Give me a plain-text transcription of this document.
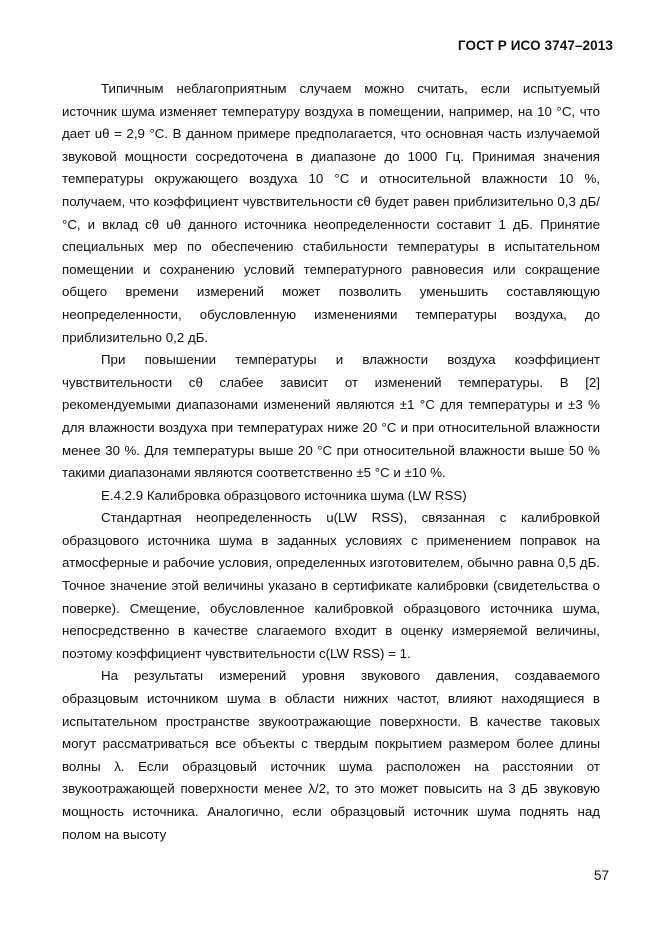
ГОСТ Р ИСО 3747–2013

Типичным неблагоприятным случаем можно считать, если испытуемый источник шума изменяет температуру воздуха в помещении, например, на 10 °С, что дает uθ = 2,9 °С. В данном примере предполагается, что основная часть излучаемой звуковой мощности сосредоточена в диапазоне до 1000 Гц. Принимая значения температуры окружающего воздуха 10 °С и относительной влажности 10 %, получаем, что коэффициент чувствительности cθ будет равен приблизительно 0,3 дБ/°С, и вклад cθ uθ данного источника неопределенности составит 1 дБ. Принятие специальных мер по обеспечению стабильности температуры в испытательном помещении и сохранению условий температурного равновесия или сокращение общего времени измерений может позволить уменьшить составляющую неопределенности, обусловленную изменениями температуры воздуха, до приблизительно 0,2 дБ.

При повышении температуры и влажности воздуха коэффициент чувствительности cθ слабее зависит от изменений температуры. В [2] рекомендуемыми диапазонами изменений являются ±1 °С для температуры и ±3 % для влажности воздуха при температурах ниже 20 °С и при относительной влажности менее 30 %. Для температуры выше 20 °С при относительной влажности выше 50 % такими диапазонами являются соответственно ±5 °С и ±10 %.

Е.4.2.9 Калибровка образцового источника шума (LW RSS)

Стандартная неопределенность u(LW RSS), связанная с калибровкой образцового источника шума в заданных условиях с применением поправок на атмосферные и рабочие условия, определенных изготовителем, обычно равна 0,5 дБ. Точное значение этой величины указано в сертификате калибровки (свидетельства о поверке). Смещение, обусловленное калибровкой образцового источника шума, непосредственно в качестве слагаемого входит в оценку измеряемой величины, поэтому коэффициент чувствительности c(LW RSS) = 1.

На результаты измерений уровня звукового давления, создаваемого образцовым источником шума в области нижних частот, влияют находящиеся в испытательном пространстве звукоотражающие поверхности. В качестве таковых могут рассматриваться все объекты с твердым покрытием размером более длины волны λ. Если образцовый источник шума расположен на расстоянии от звукоотражающей поверхности менее λ/2, то это может повысить на 3 дБ звуковую мощность источника. Аналогично, если образцовый источник шума поднять над полом на высоту

57
